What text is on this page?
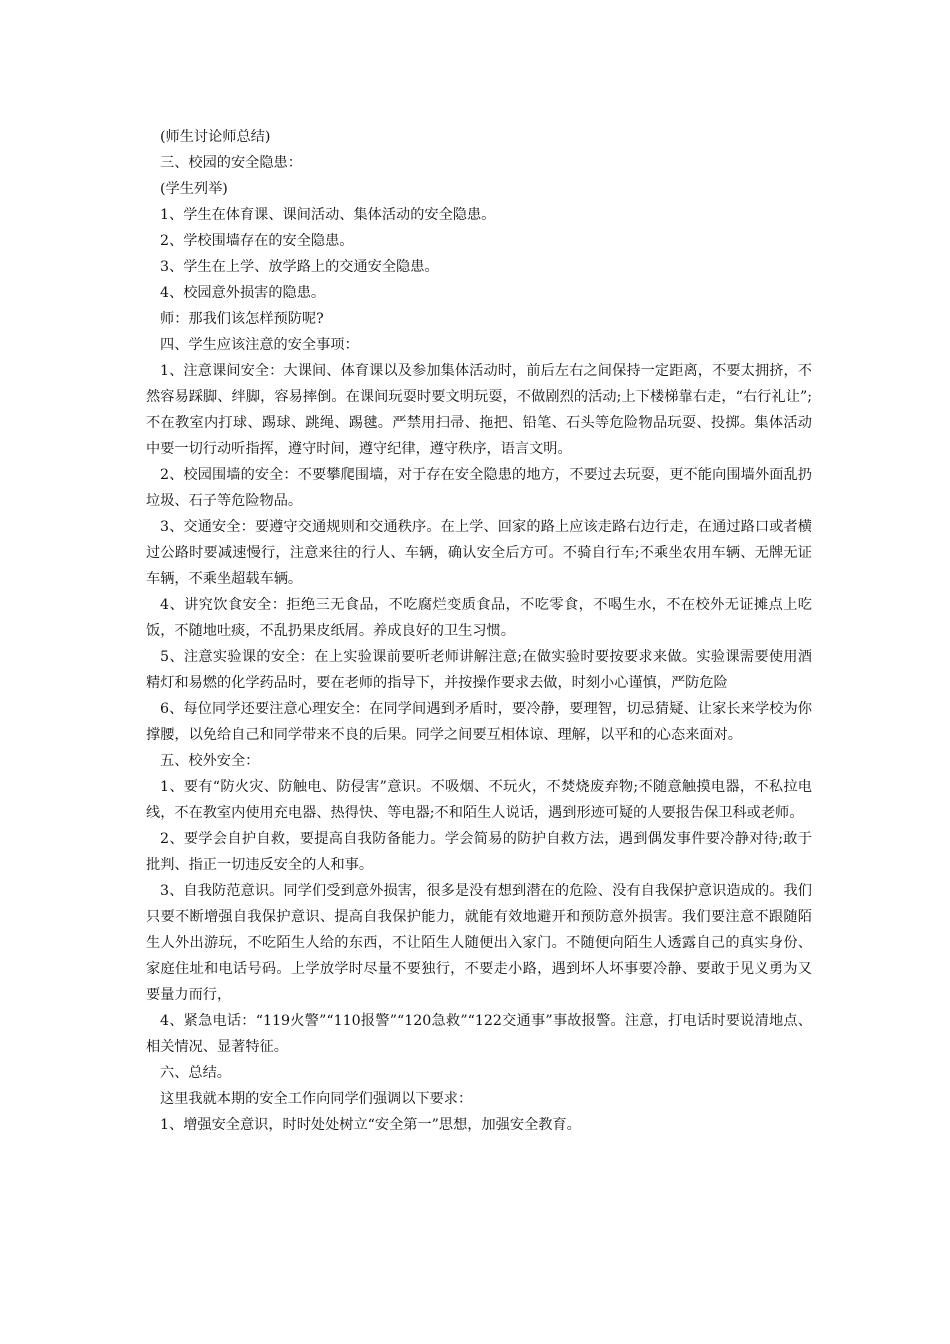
(师生讨论师总结)

三、校园的安全隐患：

(学生列举)

1、学生在体育课、课间活动、集体活动的安全隐患。

2、学校围墙存在的安全隐患。

3、学生在上学、放学路上的交通安全隐患。

4、校园意外损害的隐患。

师：那我们该怎样预防呢?

四、学生应该注意的安全事项：

1、注意课间安全：大课间、体育课以及参加集体活动时，前后左右之间保持一定距离，不要太拥挤，不然容易踩脚、绊脚，容易摔倒。在课间玩耍时要文明玩耍，不做剧烈的活动;上下楼梯靠右走，“右行礼让”;不在教室内打球、踢球、跳绳、踢毽。严禁用扫帚、拖把、铅笔、石头等危险物品玩耍、投掷。集体活动中要一切行动听指挥，遵守时间，遵守纪律，遵守秩序，语言文明。

2、校园围墙的安全：不要攀爬围墙，对于存在安全隐患的地方，不要过去玩耍，更不能向围墙外面乱扔垃圾、石子等危险物品。

3、交通安全：要遵守交通规则和交通秩序。在上学、回家的路上应该走路右边行走，在通过路口或者横过公路时要减速慢行，注意来往的行人、车辆，确认安全后方可。不骑自行车;不乘坐农用车辆、无牌无证车辆，不乘坐超载车辆。

4、讲究饮食安全：拒绝三无食品，不吃腐烂变质食品，不吃零食，不喝生水，不在校外无证摊点上吃饭，不随地吐痰，不乱扔果皮纸屑。养成良好的卫生习惯。

5、注意实验课的安全：在上实验课前要听老师讲解注意;在做实验时要按要求来做。实验课需要使用酒精灯和易燃的化学药品时，要在老师的指导下，并按操作要求去做，时刻小心谨慎，严防危险

6、每位同学还要注意心理安全：在同学间遇到矛盾时，要冷静，要理智，切忌猜疑、让家长来学校为你撑腰，以免给自己和同学带来不良的后果。同学之间要互相体谅、理解，以平和的心态来面对。

五、校外安全：

1、要有“防火灾、防触电、防侵害”意识。不吸烟、不玩火，不焚烧废弃物;不随意触摸电器，不私拉电线，不在教室内使用充电器、热得快、等电器;不和陌生人说话，遇到形迹可疑的人要报告保卫科或老师。

2、要学会自护自救，要提高自我防备能力。学会简易的防护自救方法，遇到偶发事件要冷静对待;敢于批判、指正一切违反安全的人和事。

3、自我防范意识。同学们受到意外损害，很多是没有想到潜在的危险、没有自我保护意识造成的。我们只要不断增强自我保护意识、提高自我保护能力，就能有效地避开和预防意外损害。我们要注意不跟随陌生人外出游玩，不吃陌生人给的东西，不让陌生人随便出入家门。不随便向陌生人透露自己的真实身份、家庭住址和电话号码。上学放学时尽量不要独行，不要走小路，遇到坏人坏事要冷静、要敢于见义勇为又要量力而行，

4、紧急电话：“119火警”“110报警”“120急救”“122交通事”事故报警。注意，打电话时要说清地点、相关情况、显著特征。

六、总结。

这里我就本期的安全工作向同学们强调以下要求：

1、增强安全意识，时时处处树立“安全第一”思想，加强安全教育。
